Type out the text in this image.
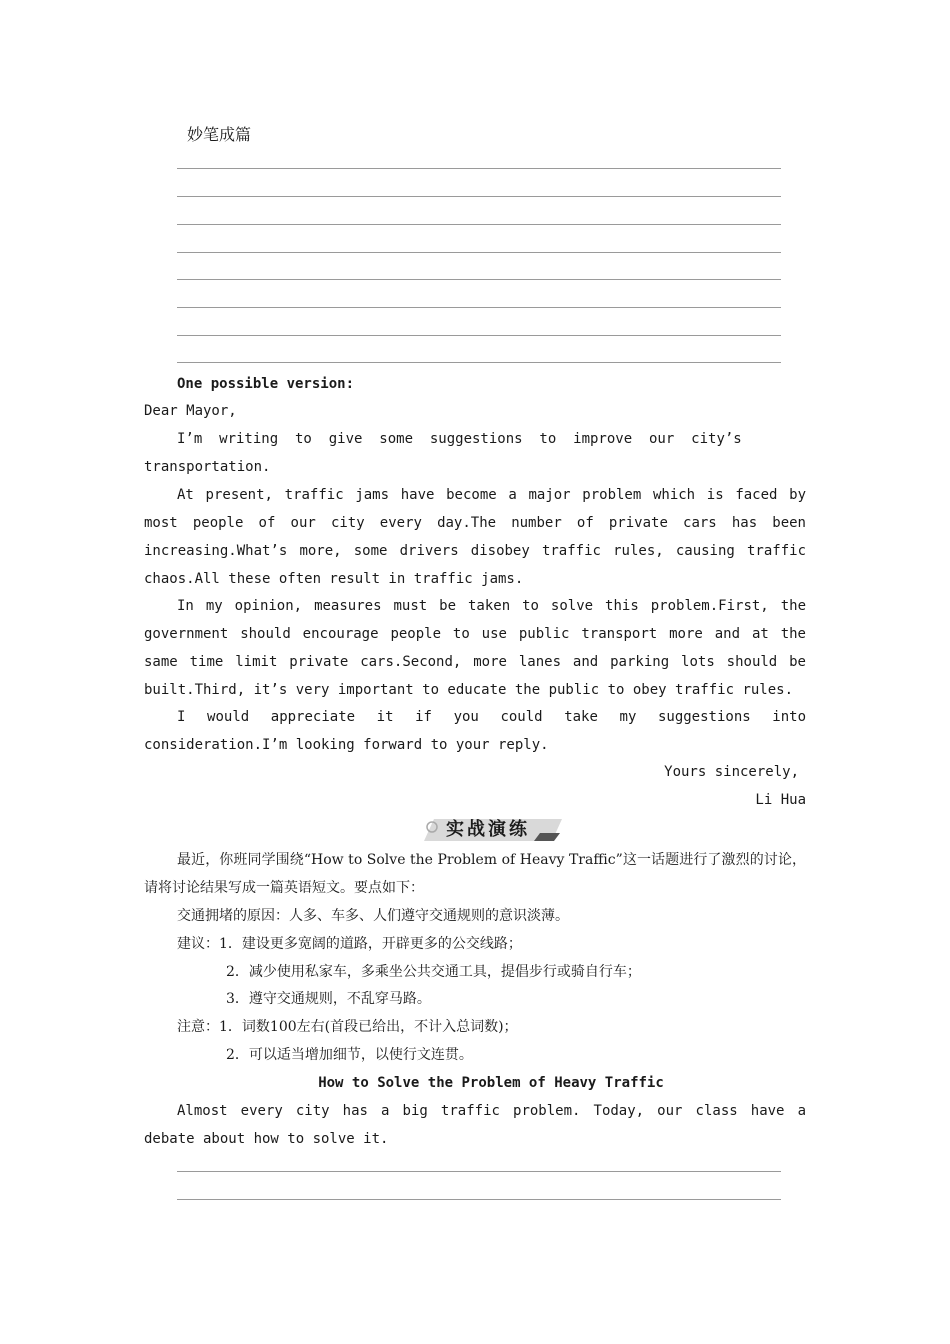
妙笔成篇
One possible version:
Dear Mayor,
I’m  writing  to  give  some  suggestions  to  improve  our  city’s
transportation.
At present, traffic jams have become a major problem which is faced by most people of our city every day.The number of private cars has been increasing.What’s more, some drivers disobey traffic rules, causing traffic chaos.All these often result in traffic jams.
In my opinion, measures must be taken to solve this problem.First, the government should encourage people to use public transport more and at the same time limit private cars.Second, more lanes and parking lots should be built.Third, it’s very important to educate the public to obey traffic rules.
I would appreciate it if you could take my suggestions into consideration.I’m looking forward to your reply.
Yours sincerely,
Li Hua
实战演练
最近，你班同学围绕“How to Solve the Problem of Heavy Traffic”这一话题进行了激烈的讨论，请将讨论结果写成一篇英语短文。要点如下：
交通拥堵的原因：人多、车多、人们遵守交通规则的意识淡薄。
建议：1．建设更多宽阔的道路，开辟更多的公交线路；
2．减少使用私家车，多乘坐公共交通工具，提倡步行或骑自行车；
3．遵守交通规则，不乱穿马路。
注意：1．词数100左右(首段已给出，不计入总词数)；
2．可以适当增加细节，以使行文连贯。
How to Solve the Problem of Heavy Traffic
Almost every city has a big traffic problem. Today, our class have a debate about how to solve it.
